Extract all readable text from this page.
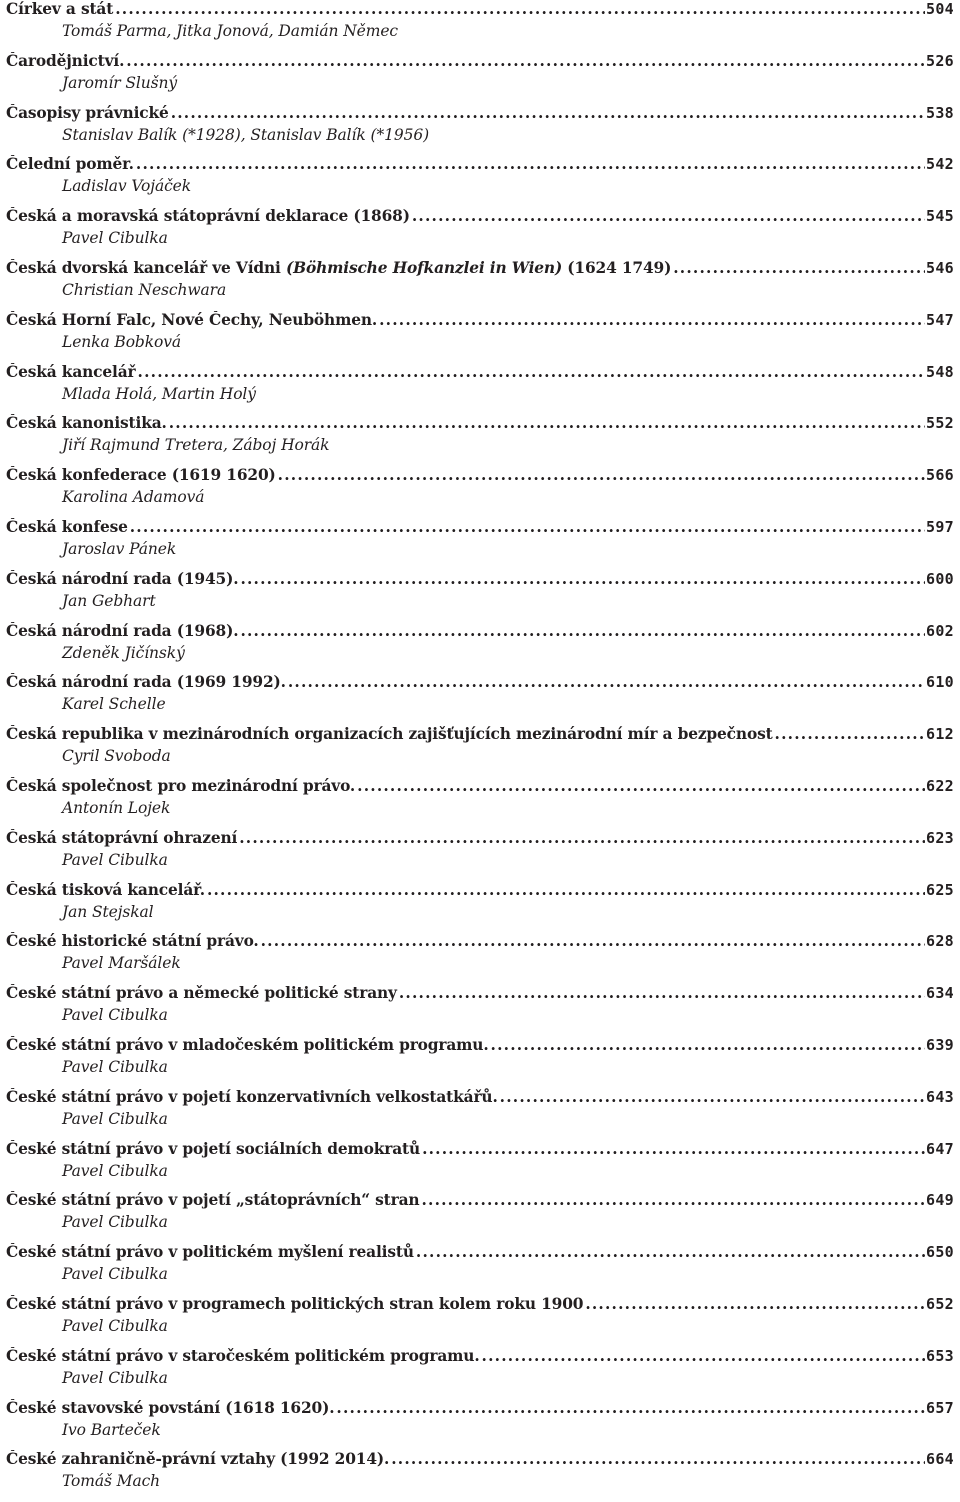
Církev a stát .....	504
Tomáš Parma, Jitka Jonová, Damián Němec
Čarodějnictví. .....	526
Jaromír Slušný
Časopisy právnické .....	538
Stanislav Balík (*1928), Stanislav Balík (*1956)
Čelední poměr. .....	542
Ladislav Vojáček
Česká a moravská státoprávní deklarace (1868) .....	545
Pavel Cibulka
Česká dvorská kancelář ve Vídni (Böhmische Hofkanzlei in Wien) (1624 1749) .....	546
Christian Neschwara
Česká Horní Falc, Nové Čechy, Neuböhmen. .....	547
Lenka Bobková
Česká kancelář .....	548
Mlada Holá, Martin Holý
Česká kanonistika. .....	552
Jiří Rajmund Tretera, Záboj Horák
Česká konfederace (1619 1620) .....	566
Karolina Adamová
Česká konfese .....	597
Jaroslav Pánek
Česká národní rada (1945). .....	600
Jan Gebhart
Česká národní rada (1968). .....	602
Zdeněk Jičínský
Česká národní rada (1969 1992). .....	610
Karel Schelle
Česká republika v mezinárodních organizacích zajišťujících mezinárodní mír a bezpečnost .....	612
Cyril Svoboda
Česká společnost pro mezinárodní právo. .....	622
Antonín Lojek
Česká státoprávní ohrazení .....	623
Pavel Cibulka
Česká tisková kancelář. .....	625
Jan Stejskal
České historické státní právo. .....	628
Pavel Maršálek
České státní právo a německé politické strany .....	634
Pavel Cibulka
České státní právo v mladočeském politickém programu. .....	639
Pavel Cibulka
České státní právo v pojetí konzervativních velkostatkářů. .....	643
Pavel Cibulka
České státní právo v pojetí sociálních demokratů .....	647
Pavel Cibulka
České státní právo v pojetí „státoprávních“ stran .....	649
Pavel Cibulka
České státní právo v politickém myšlení realistů .....	650
Pavel Cibulka
České státní právo v programech politických stran kolem roku 1900 .....	652
Pavel Cibulka
České státní právo v staročeském politickém programu. .....	653
Pavel Cibulka
České stavovské povstání (1618 1620). .....	657
Ivo Barteček
České zahraničně-právní vztahy (1992 2014). .....	664
Tomáš Mach
